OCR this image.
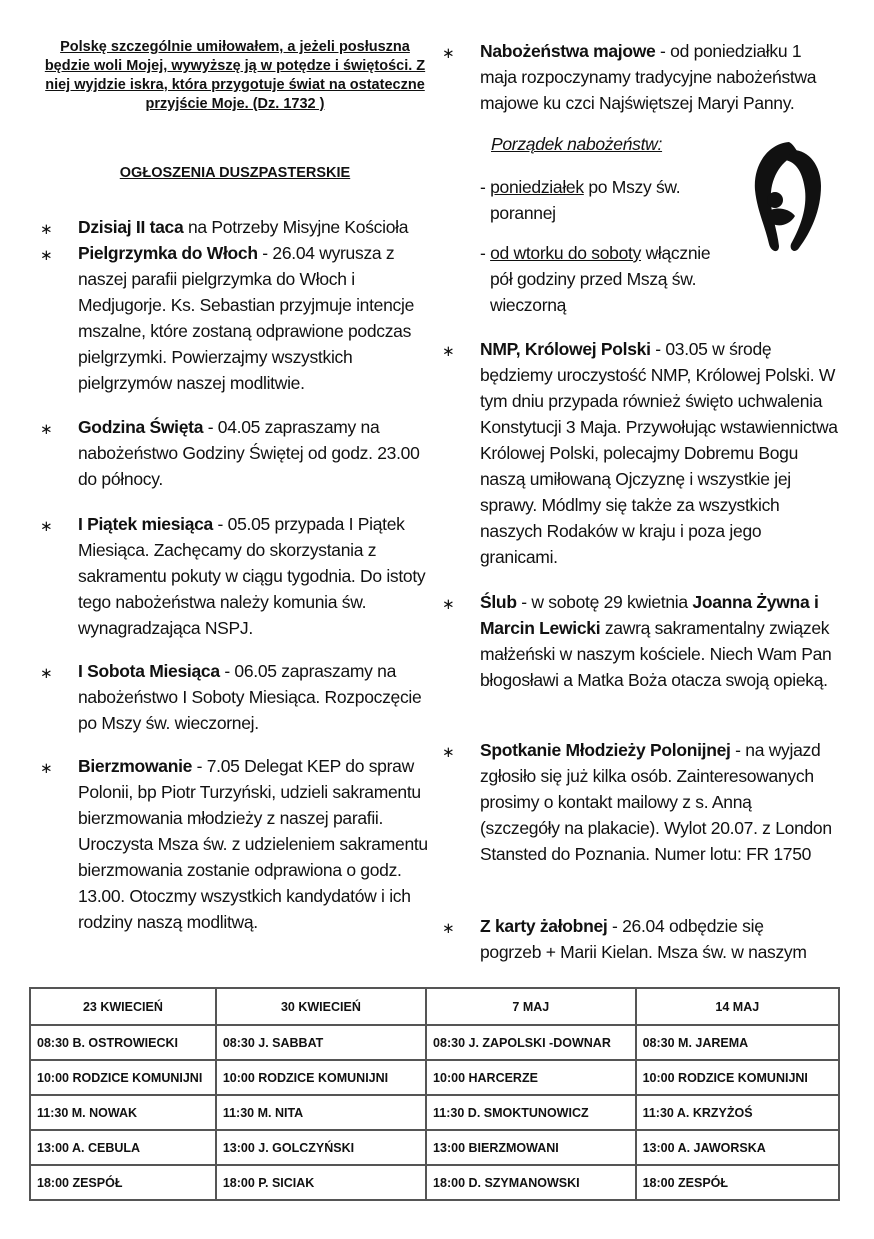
Polskę szczególnie umiłowałem, a jeżeli posłuszna będzie woli Mojej, wywyższę ją w potędze i świętości. Z niej wyjdzie iskra, która przygotuje świat na ostateczne przyjście Moje. (Dz. 1732 )
OGŁOSZENIA DUSZPASTERSKIE
∗ Dzisiaj II taca na Potrzeby Misyjne Kościoła
∗ Pielgrzymka do Włoch - 26.04 wyrusza z naszej parafii pielgrzymka do Włoch i Medjugorje. Ks. Sebastian przyjmuje intencje mszalne, które zostaną odprawione podczas pielgrzymki. Powierzajmy wszystkich pielgrzymów naszej modlitwie.
∗ Godzina Święta - 04.05 zapraszamy na nabożeństwo Godziny Świętej od godz. 23.00 do północy.
∗ I Piątek miesiąca - 05.05 przypada I Piątek Miesiąca. Zachęcamy do skorzystania z sakramentu pokuty w ciągu tygodnia. Do istoty tego nabożeństwa należy komunia św. wynagradzająca NSPJ.
∗ I Sobota Miesiąca - 06.05 zapraszamy na nabożeństwo I Soboty Miesiąca. Rozpoczęcie po Mszy św. wieczornej.
∗ Bierzmowanie - 7.05 Delegat KEP do spraw Polonii, bp Piotr Turzyński, udzieli sakramentu bierzmowania młodzieży z naszej parafii. Uroczysta Msza św. z udzieleniem sakramentu bierzmowania zostanie odprawiona o godz. 13.00. Otoczmy wszystkich kandydatów i ich rodziny naszą modlitwą.
∗ Nabożeństwa majowe - od poniedziałku 1 maja rozpoczynamy tradycyjne nabożeństwa majowe ku czci Najświętszej Maryi Panny.
Porządek nabożeństw:
- poniedziałek po Mszy św. porannej
- od wtorku do soboty włącznie pół godziny przed Mszą św. wieczorną
∗ NMP, Królowej Polski - 03.05 w środę będziemy uroczystość NMP, Królowej Polski. W tym dniu przypada również święto uchwalenia Konstytucji 3 Maja. Przywołując wstawiennictwa Królowej Polski, polecajmy Dobremu Bogu naszą umiłowaną Ojczyznę i wszystkie jej sprawy. Módlmy się także za wszystkich naszych Rodaków w kraju i poza jego granicami.
∗ Ślub - w sobotę 29 kwietnia Joanna Żywna i Marcin Lewicki zawrą sakramentalny związek małżeński w naszym kościele. Niech Wam Pan błogosławi a Matka Boża otacza swoją opieką.
∗ Spotkanie Młodzieży Polonijnej - na wyjazd zgłosiło się już kilka osób. Zainteresowanych prosimy o kontakt mailowy z s. Anną (szczegóły na plakacie). Wylot 20.07. z London Stansted do Poznania. Numer lotu: FR 1750
∗ Z karty żałobnej - 26.04 odbędzie się pogrzeb + Marii Kielan. Msza św. w naszym
23 KWIECIEŃ	30 KWIECIEŃ	7 MAJ	14 MAJ
08:30 B. OSTROWIECKI	08:30 J. SABBAT	08:30 J. ZAPOLSKI -DOWNAR	08:30 M. JAREMA
10:00 RODZICE KOMUNIJNI	10:00 RODZICE KOMUNIJNI	10:00 HARCERZE	10:00 RODZICE KOMUNIJNI
11:30 M. NOWAK	11:30 M. NITA	11:30 D. SMOKTUNOWICZ	11:30 A. KRZYŻOŚ
13:00 A. CEBULA	13:00 J. GOLCZYŃSKI	13:00 BIERZMOWANI	13:00 A. JAWORSKA
18:00 ZESPÓŁ	18:00 P. SICIAK	18:00 D. SZYMANOWSKI	18:00 ZESPÓŁ
